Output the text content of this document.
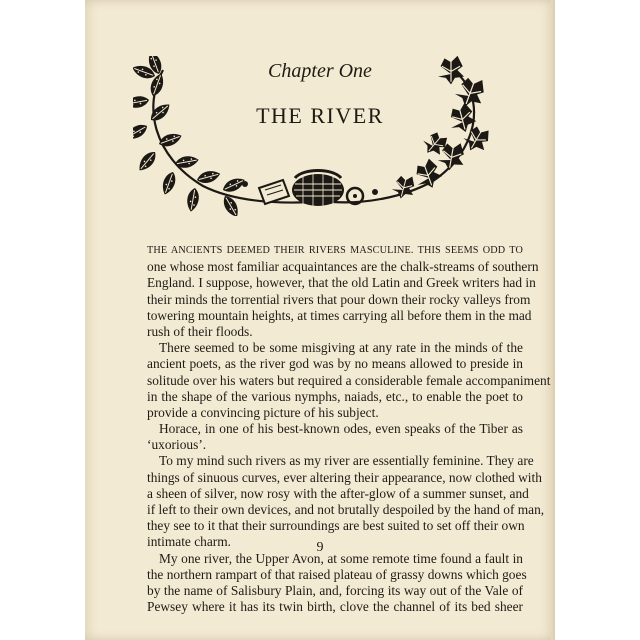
Chapter One
THE RIVER
THE ANCIENTS DEEMED THEIR RIVERS MASCULINE. THIS SEEMS ODD TO
one whose most familiar acquaintances are the chalk-streams of southern
England. I suppose, however, that the old Latin and Greek writers had in
their minds the torrential rivers that pour down their rocky valleys from
towering mountain heights, at times carrying all before them in the mad
rush of their floods.
There seemed to be some misgiving at any rate in the minds of the
ancient poets, as the river god was by no means allowed to preside in
solitude over his waters but required a considerable female accompaniment
in the shape of the various nymphs, naiads, etc., to enable the poet to
provide a convincing picture of his subject.
Horace, in one of his best-known odes, even speaks of the Tiber as
‘uxorious’.
To my mind such rivers as my river are essentially feminine. They are
things of sinuous curves, ever altering their appearance, now clothed with
a sheen of silver, now rosy with the after-glow of a summer sunset, and
if left to their own devices, and not brutally despoiled by the hand of man,
they see to it that their surroundings are best suited to set off their own
intimate charm.
My one river, the Upper Avon, at some remote time found a fault in
the northern rampart of that raised plateau of grassy downs which goes
by the name of Salisbury Plain, and, forcing its way out of the Vale of
Pewsey where it has its twin birth, clove the channel of its bed sheer
9
